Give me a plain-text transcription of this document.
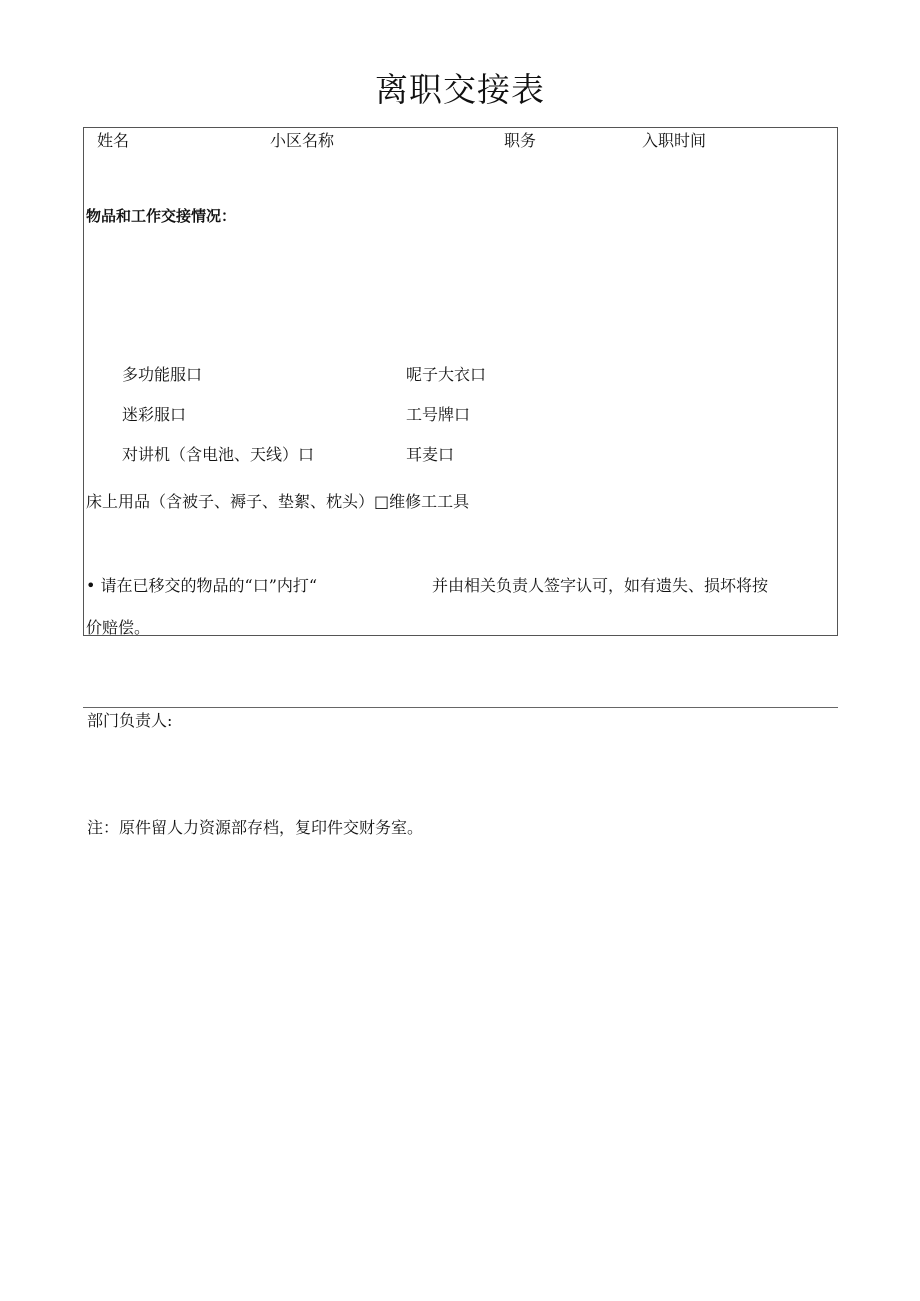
离职交接表
姓名	小区名称	职务	入职时间
物品和工作交接情况：
多功能服口	呢子大衣口
迷彩服口	工号牌口
对讲机（含电池、天线）口	耳麦口
床上用品（含被子、褥子、垫絮、枕头）□维修工工具
• 请在已移交的物品的“口”内打“	并由相关负责人签字认可，如有遗失、损坏将按
价赔偿。
部门负责人:
注：原件留人力资源部存档，复印件交财务室。
